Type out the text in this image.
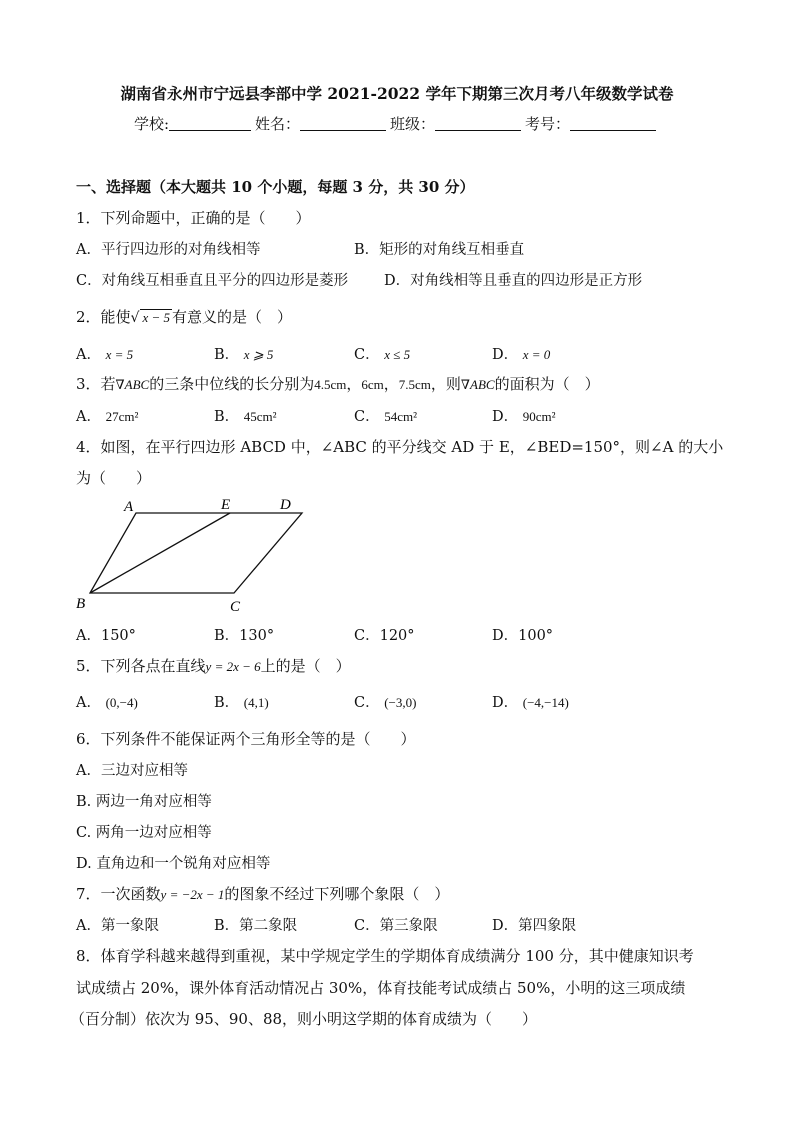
湖南省永州市宁远县李部中学 2021-2022 学年下期第三次月考八年级数学试卷
学校:	姓名：	班级：	考号：
一、选择题（本大题共 10 个小题，每题 3 分，共 30 分）
1．下列命题中，正确的是（　　）
A．平行四边形的对角线相等	B．矩形的对角线互相垂直
C．对角线互相垂直且平分的四边形是菱形 D．对角线相等且垂直的四边形是正方形
2．能使√ x − 5 有意义的是（　）
A． x = 5	B． x ⩾ 5	C． x ≤ 5	D． x = 0
3．若∇ABC的三条中位线的长分别为4.5cm，6cm，7.5cm，则∇ABC的面积为（　）
A． 27cm²	B． 45cm²	C． 54cm²	D． 90cm²
4．如图，在平行四边形 ABCD 中，∠ABC 的平分线交 AD 于 E，∠BED=150°，则∠A 的大小
为（　　）
A	E	D
B	C
A．150°	B．130°	C．120°	D．100°
5．下列各点在直线y = 2x − 6上的是（　）
A． (0,−4)	B． (4,1)	C． (−3,0)	D． (−4,−14)
6．下列条件不能保证两个三角形全等的是（　　）
A．三边对应相等
B. 两边一角对应相等
C. 两角一边对应相等
D. 直角边和一个锐角对应相等
7．一次函数y = −2x − 1的图象不经过下列哪个象限（　）
A．第一象限	B．第二象限	C．第三象限	D．第四象限
8．体育学科越来越得到重视，某中学规定学生的学期体育成绩满分 100 分，其中健康知识考
试成绩占 20%，课外体育活动情况占 30%，体育技能考试成绩占 50%，小明的这三项成绩
（百分制）依次为 95、90、88，则小明这学期的体育成绩为（　　）
